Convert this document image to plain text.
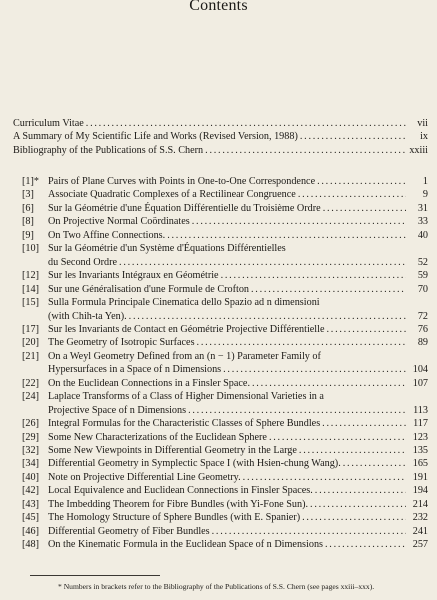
Contents
Curriculum Vitae . . .	vii
A Summary of My Scientific Life and Works (Revised Version, 1988) . . .	ix
Bibliography of the Publications of S.S. Chern . . .	xxiii
[1]* Pairs of Plane Curves with Points in One-to-One Correspondence . . .	1
[3]	Associate Quadratic Complexes of a Rectilinear Congruence . . .	9
[6]	Sur la Géométrie d'une Équation Différentielle du Troisième Ordre . . .	31
[8]	On Projective Normal Coördinates . . .	33
[9]	On Two Affine Connections. . . .	40
[10] Sur la Géométrie d'un Système d'Équations Différentielles
du Second Ordre . . .	52
[12] Sur les Invariants Intégraux en Géométrie . . .	59
[14] Sur une Généralisation d'une Formule de Crofton . . .	70
[15] Sulla Formula Principale Cinematica dello Spazio ad n dimensioni
(with Chih-ta Yen). . . .	72
[17] Sur les Invariants de Contact en Géométrie Projective Différentielle . . .	76
[20] The Geometry of Isotropic Surfaces . . .	89
[21] On a Weyl Geometry Defined from an (n − 1) Parameter Family of
Hypersurfaces in a Space of n Dimensions . . .	104
[22] On the Euclidean Connections in a Finsler Space. . . .	107
[24] Laplace Transforms of a Class of Higher Dimensional Varieties in a
Projective Space of n Dimensions . . .	113
[26] Integral Formulas for the Characteristic Classes of Sphere Bundles . . .	117
[29] Some New Characterizations of the Euclidean Sphere . . .	123
[32] Some New Viewpoints in Differential Geometry in the Large . . .	135
[34] Differential Geometry in Symplectic Space I (with Hsien-chung Wang). . . .	165
[40] Note on Projective Differential Line Geometry. . . .	191
[42] Local Equivalence and Euclidean Connections in Finsler Spaces. . . .	194
[43] The Imbedding Theorem for Fibre Bundles (with Yi-Fone Sun). . . .	214
[45] The Homology Structure of Sphere Bundles (with E. Spanier) . . .	232
[46] Differential Geometry of Fiber Bundles . . .	241
[48] On the Kinematic Formula in the Euclidean Space of n Dimensions . . .	257
* Numbers in brackets refer to the Bibliography of the Publications of S.S. Chern (see pages xxiii–xxx).
